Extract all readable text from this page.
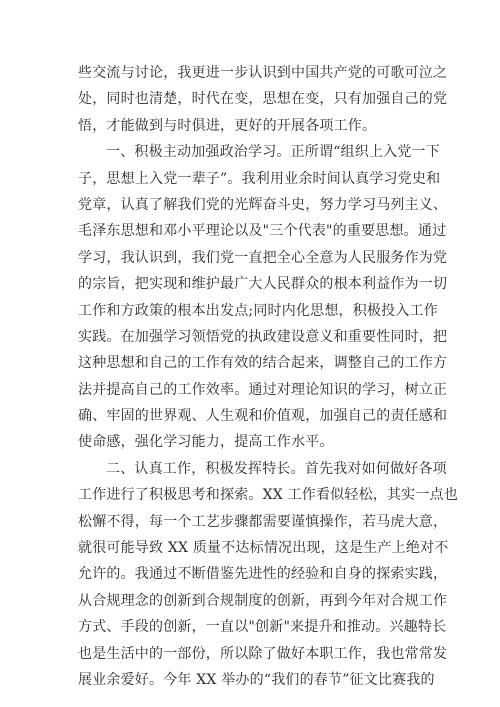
些交流与讨论，我更进一步认识到中国共产党的可歌可泣之
处，同时也清楚，时代在变，思想在变，只有加强自己的党
悟，才能做到与时俱进，更好的开展各项工作。
一、积极主动加强政治学习。正所谓“组织上入党一下
子，思想上入党一辈子”。我利用业余时间认真学习党史和
党章，认真了解我们党的光辉奋斗史，努力学习马列主义、
毛泽东思想和邓小平理论以及"三个代表"的重要思想。通过
学习，我认识到，我们党一直把全心全意为人民服务作为党
的宗旨，把实现和维护最广大人民群众的根本利益作为一切
工作和方政策的根本出发点;同时内化思想，积极投入工作
实践。在加强学习领悟党的执政建设意义和重要性同时，把
这种思想和自己的工作有效的结合起来，调整自己的工作方
法并提高自己的工作效率。通过对理论知识的学习，树立正
确、牢固的世界观、人生观和价值观，加强自己的责任感和
使命感，强化学习能力，提高工作水平。
二、认真工作，积极发挥特长。首先我对如何做好各项
工作进行了积极思考和探索。XX 工作看似轻松，其实一点也
松懈不得，每一个工艺步骤都需要谨慎操作，若马虎大意，
就很可能导致 XX 质量不达标情况出现，这是生产上绝对不
允许的。我通过不断借鉴先进性的经验和自身的探索实践，
从合规理念的创新到合规制度的创新，再到今年对合规工作
方式、手段的创新，一直以"创新"来提升和推动。兴趣特长
也是生活中的一部份，所以除了做好本职工作，我也常常发
展业余爱好。今年 XX 举办的“我们的春节”征文比赛我的
